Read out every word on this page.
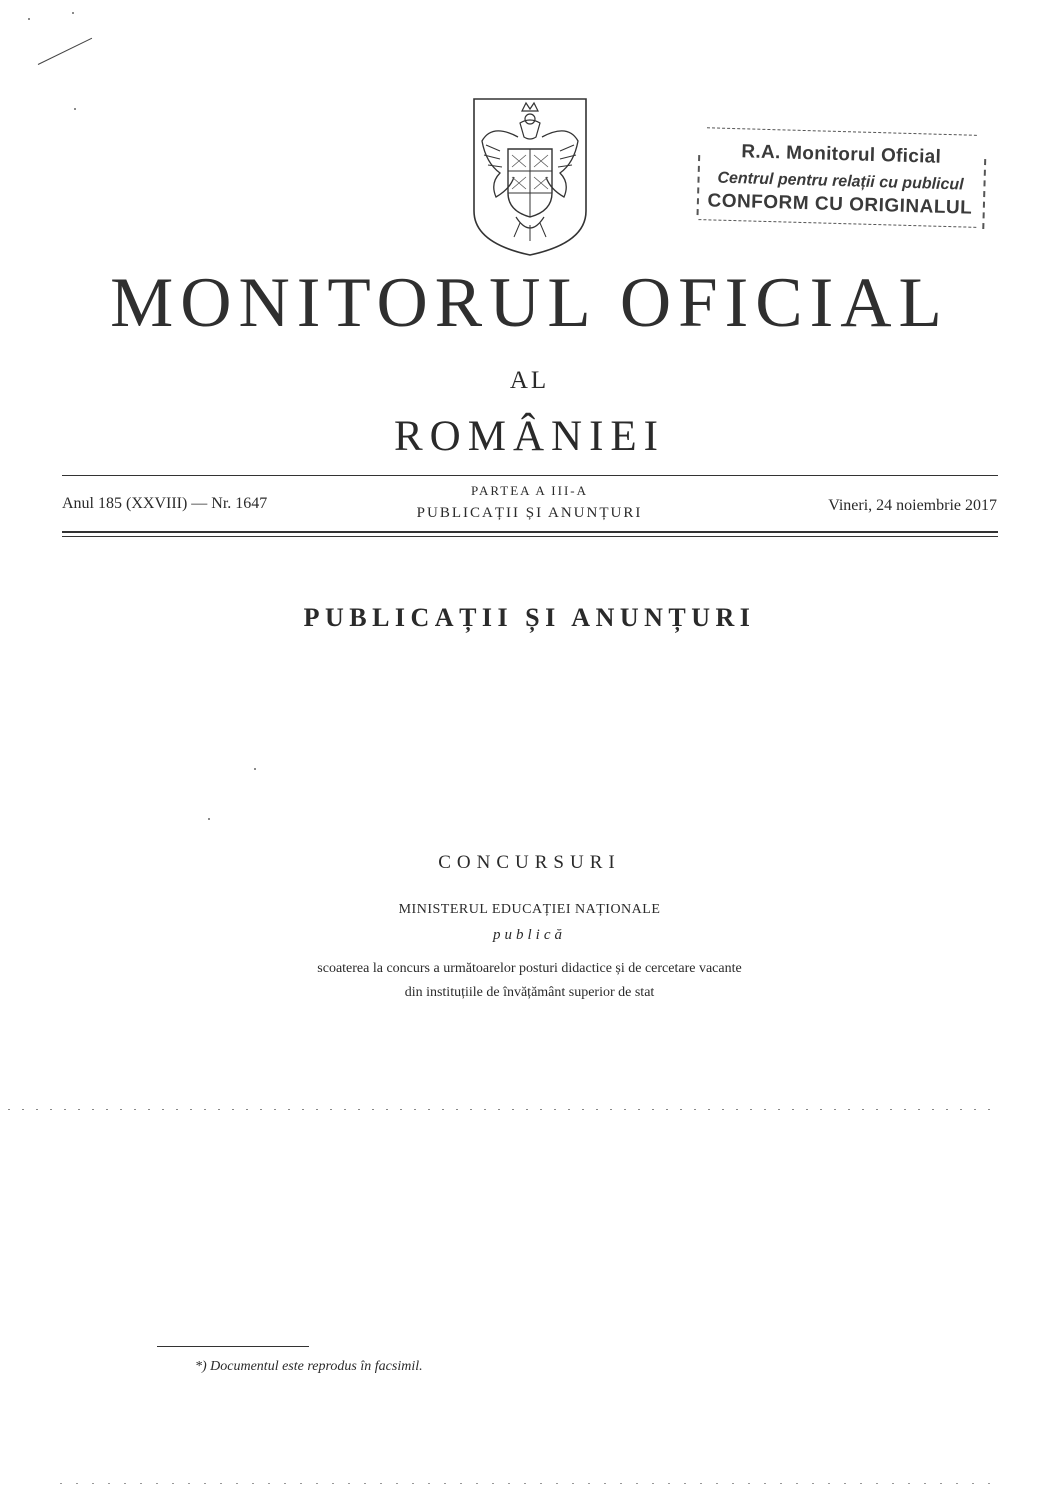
R.A. Monitorul Oficial
Centrul pentru relații cu publicul
CONFORM CU ORIGINALUL
MONITORUL OFICIAL
AL
ROMÂNIEI
Anul 185 (XXVIII) — Nr. 1647
PARTEA A III-A
PUBLICAȚII ȘI ANUNȚURI	Vineri, 24 noiembrie 2017
PUBLICAȚII ȘI ANUNȚURI
CONCURSURI
MINISTERUL EDUCAȚIEI NAȚIONALE
publică
scoaterea la concurs a următoarelor posturi didactice și de cercetare vacante
din instituțiile de învățământ superior de stat
*) Documentul este reprodus în facsimil.
